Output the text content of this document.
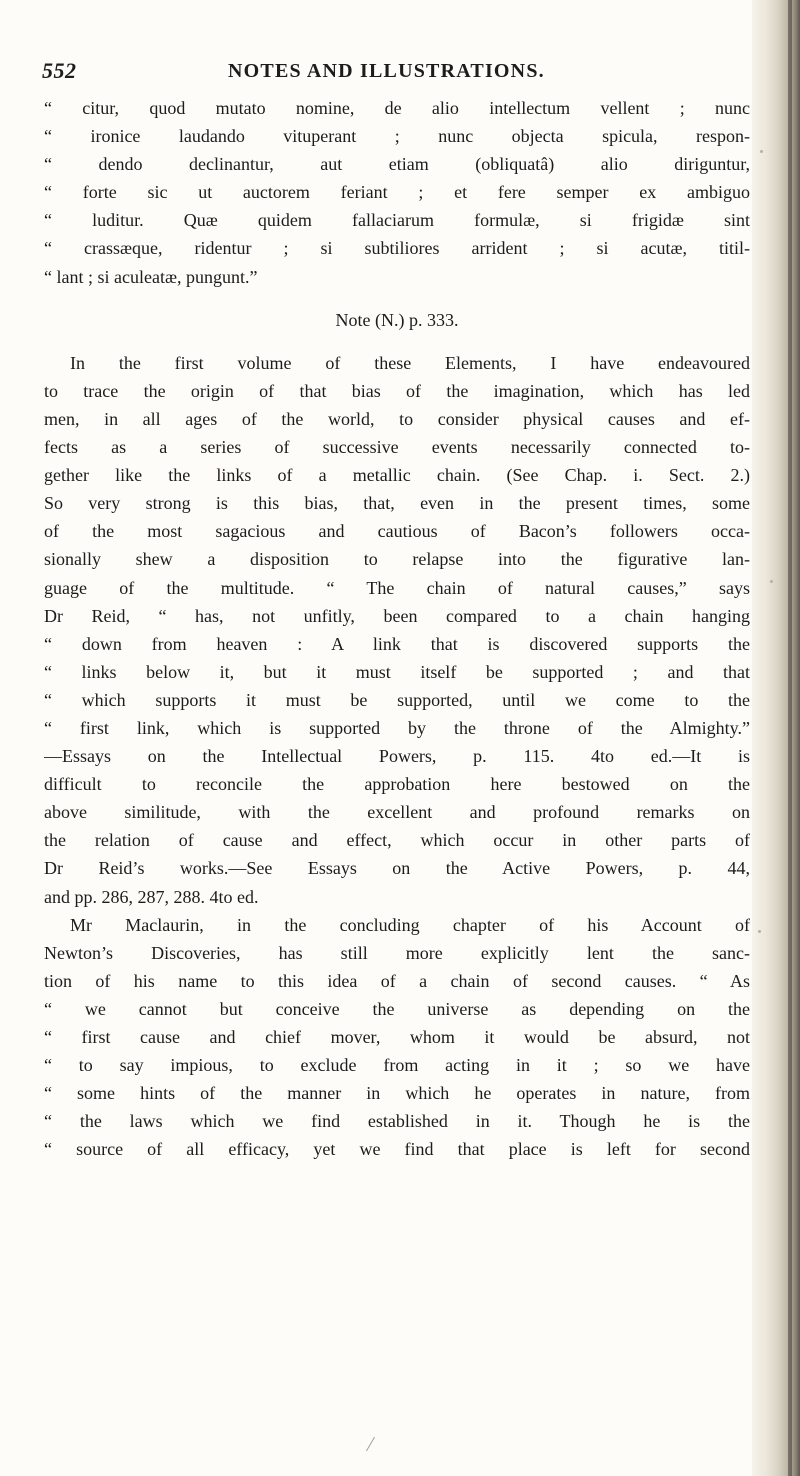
552	NOTES AND ILLUSTRATIONS.
“ citur, quod mutato nomine, de alio intellectum vellent ; nunc
“ ironice laudando vituperant ; nunc objecta spicula, respon-
“ dendo declinantur, aut etiam (obliquatâ) alio diriguntur,
“ forte sic ut auctorem feriant ; et fere semper ex ambiguo
“ luditur. Quæ quidem fallaciarum formulæ, si frigidæ sint
“ crassæque, ridentur ; si subtiliores arrident ; si acutæ, titil-
“ lant ; si aculeatæ, pungunt.”
Note (N.) p. 333.
In the first volume of these Elements, I have endeavoured
to trace the origin of that bias of the imagination, which has led
men, in all ages of the world, to consider physical causes and ef-
fects as a series of successive events necessarily connected to-
gether like the links of a metallic chain. (See Chap. i. Sect. 2.)
So very strong is this bias, that, even in the present times, some
of the most sagacious and cautious of Bacon’s followers occa-
sionally shew a disposition to relapse into the figurative lan-
guage of the multitude. “ The chain of natural causes,” says
Dr Reid, “ has, not unfitly, been compared to a chain hanging
“ down from heaven : A link that is discovered supports the
“ links below it, but it must itself be supported ; and that
“ which supports it must be supported, until we come to the
“ first link, which is supported by the throne of the Almighty.”
—Essays on the Intellectual Powers, p. 115. 4to ed.—It is
difficult to reconcile the approbation here bestowed on the
above similitude, with the excellent and profound remarks on
the relation of cause and effect, which occur in other parts of
Dr Reid’s works.—See Essays on the Active Powers, p. 44,
and pp. 286, 287, 288. 4to ed.
Mr Maclaurin, in the concluding chapter of his Account of
Newton’s Discoveries, has still more explicitly lent the sanc-
tion of his name to this idea of a chain of second causes. “ As
“ we cannot but conceive the universe as depending on the
“ first cause and chief mover, whom it would be absurd, not
“ to say impious, to exclude from acting in it ; so we have
“ some hints of the manner in which he operates in nature, from
“ the laws which we find established in it. Though he is the
“ source of all efficacy, yet we find that place is left for second
